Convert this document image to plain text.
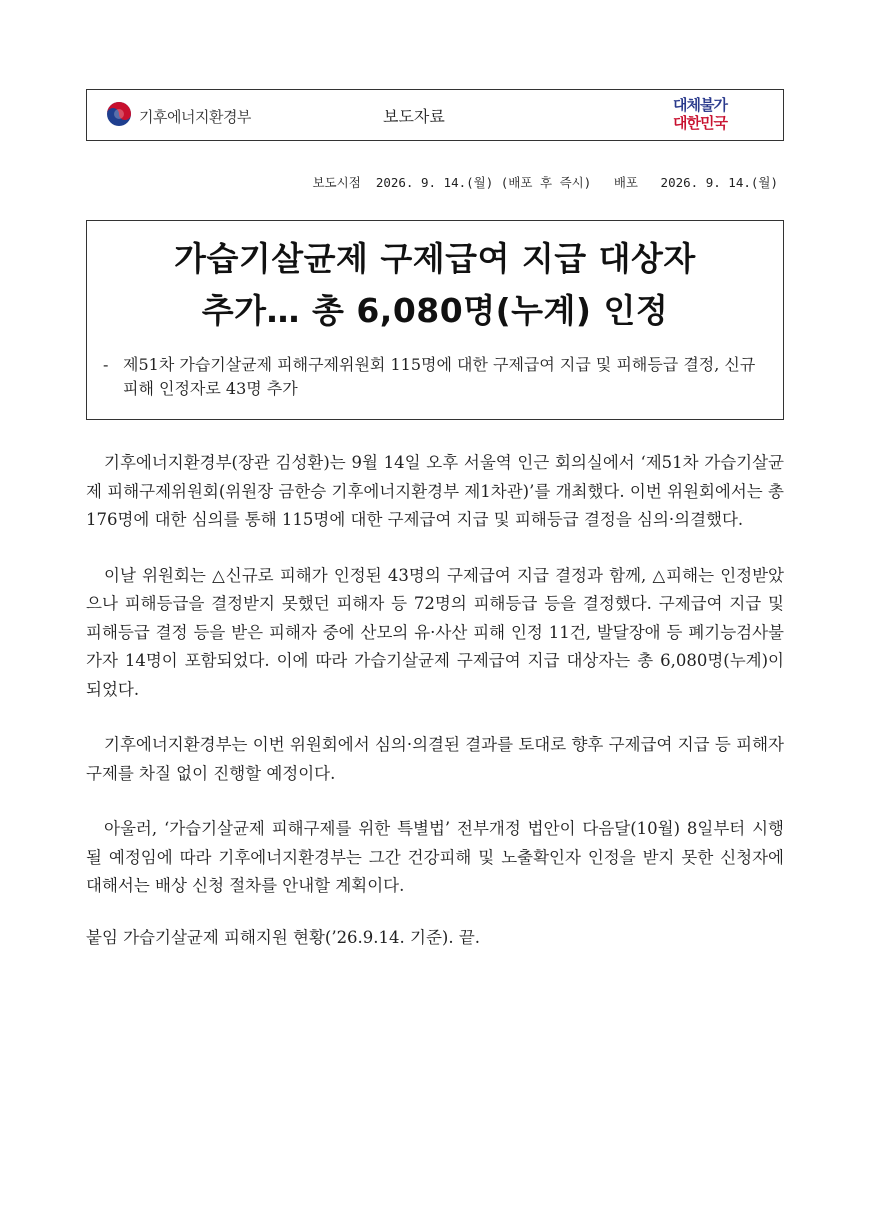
기후에너지환경부	보도자료
대체불가
대한민국
보도시점  2026. 9. 14.(월) (배포 후 즉시)   배포   2026. 9. 14.(월)
가습기살균제 구제급여 지급 대상자
추가… 총 6,080명(누계) 인정
- 제51차 가습기살균제 피해구제위원회 115명에 대한 구제급여 지급 및 피해등급 결정, 신규 피해 인정자로 43명 추가

기후에너지환경부(장관 김성환)는 9월 14일 오후 서울역 인근 회의실에서 ‘제51차 가습기살균제 피해구제위원회(위원장 금한승 기후에너지환경부 제1차관)’를 개최했다. 이번 위원회에서는 총 176명에 대한 심의를 통해 115명에 대한 구제급여 지급 및 피해등급 결정을 심의·의결했다.

이날 위원회는 △신규로 피해가 인정된 43명의 구제급여 지급 결정과 함께, △피해는 인정받았으나 피해등급을 결정받지 못했던 피해자 등 72명의 피해등급 등을 결정했다. 구제급여 지급 및 피해등급 결정 등을 받은 피해자 중에 산모의 유·사산 피해 인정 11건, 발달장애 등 폐기능검사불가자 14명이 포함되었다. 이에 따라 가습기살균제 구제급여 지급 대상자는 총 6,080명(누계)이 되었다.

기후에너지환경부는 이번 위원회에서 심의·의결된 결과를 토대로 향후 구제급여 지급 등 피해자 구제를 차질 없이 진행할 예정이다.

아울러, ‘가습기살균제 피해구제를 위한 특별법’ 전부개정 법안이 다음달(10월) 8일부터 시행될 예정임에 따라 기후에너지환경부는 그간 건강피해 및 노출확인자 인정을 받지 못한 신청자에 대해서는 배상 신청 절차를 안내할 계획이다.

붙임 가습기살균제 피해지원 현황(’26.9.14. 기준). 끝.
